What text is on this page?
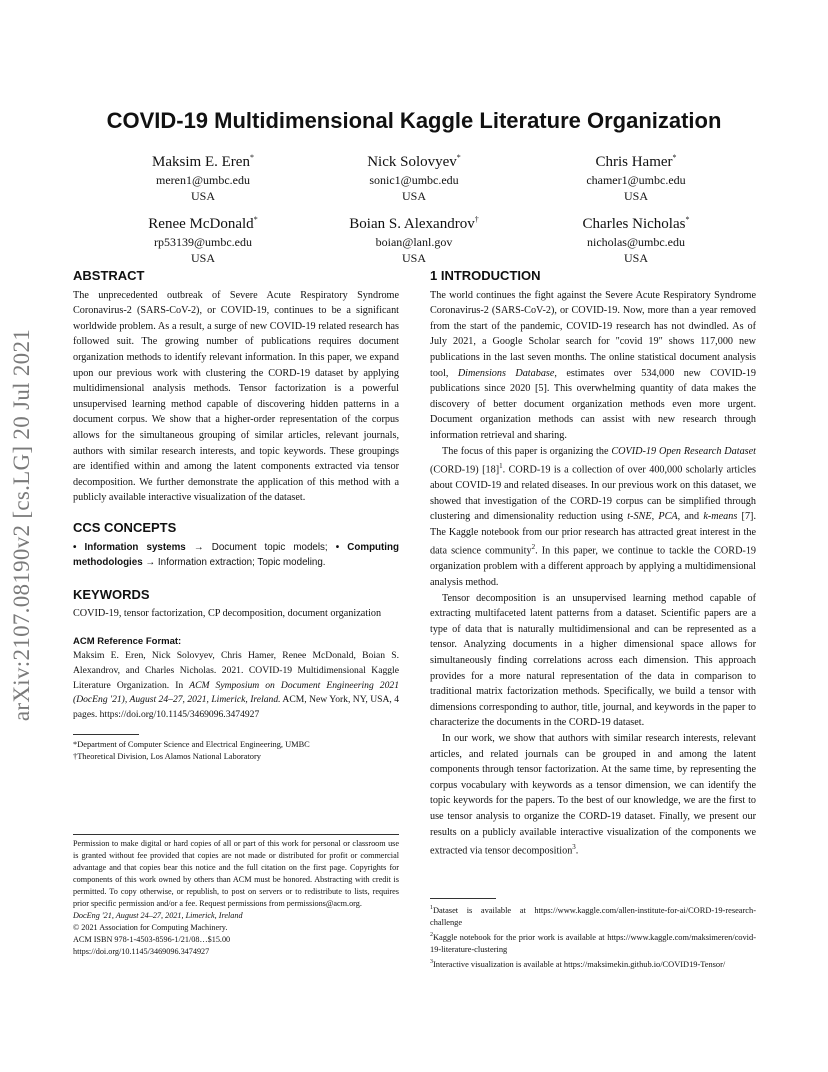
arXiv:2107.08190v2 [cs.LG] 20 Jul 2021
COVID-19 Multidimensional Kaggle Literature Organization
Maksim E. Eren*
meren1@umbc.edu
USA
Nick Solovyev*
sonic1@umbc.edu
USA
Chris Hamer*
chamer1@umbc.edu
USA
Renee McDonald*
rp53139@umbc.edu
USA
Boian S. Alexandrov†
boian@lanl.gov
USA
Charles Nicholas*
nicholas@umbc.edu
USA
ABSTRACT

The unprecedented outbreak of Severe Acute Respiratory Syndrome Coronavirus-2 (SARS-CoV-2), or COVID-19, continues to be a significant worldwide problem. As a result, a surge of new COVID-19 related research has followed suit. The growing number of publications requires document organization methods to identify relevant information. In this paper, we expand upon our previous work with clustering the CORD-19 dataset by applying multidimensional analysis methods. Tensor factorization is a powerful unsupervised learning method capable of discovering hidden patterns in a document corpus. We show that a higher-order representation of the corpus allows for the simultaneous grouping of similar articles, relevant journals, authors with similar research interests, and topic keywords. These groupings are identified within and among the latent components extracted via tensor decomposition. We further demonstrate the application of this method with a publicly available interactive visualization of the dataset.

CCS CONCEPTS

• Information systems → Document topic models; • Computing methodologies → Information extraction; Topic modeling.

KEYWORDS

COVID-19, tensor factorization, CP decomposition, document organization

ACM Reference Format:

Maksim E. Eren, Nick Solovyev, Chris Hamer, Renee McDonald, Boian S. Alexandrov, and Charles Nicholas. 2021. COVID-19 Multidimensional Kaggle Literature Organization. In ACM Symposium on Document Engineering 2021 (DocEng '21), August 24–27, 2021, Limerick, Ireland. ACM, New York, NY, USA, 4 pages. https://doi.org/10.1145/3469096.3474927

*Department of Computer Science and Electrical Engineering, UMBC
†Theoretical Division, Los Alamos National Laboratory

Permission to make digital or hard copies of all or part of this work for personal or classroom use is granted without fee provided that copies are not made or distributed for profit or commercial advantage and that copies bear this notice and the full citation on the first page. Copyrights for components of this work owned by others than ACM must be honored. Abstracting with credit is permitted. To copy otherwise, or republish, to post on servers or to redistribute to lists, requires prior specific permission and/or a fee. Request permissions from permissions@acm.org.

DocEng '21, August 24–27, 2021, Limerick, Ireland
© 2021 Association for Computing Machinery.
ACM ISBN 978-1-4503-8596-1/21/08…$15.00
https://doi.org/10.1145/3469096.3474927
1 INTRODUCTION

The world continues the fight against the Severe Acute Respiratory Syndrome Coronavirus-2 (SARS-CoV-2), or COVID-19. Now, more than a year removed from the start of the pandemic, COVID-19 research has not dwindled. As of July 2021, a Google Scholar search for "covid 19" shows 117,000 new publications in the last seven months. The online statistical document analysis tool, Dimensions Database, estimates over 534,000 new COVID-19 publications since 2020 [5]. This overwhelming quantity of data makes the discovery of better document organization methods even more urgent. Document organization methods can assist with new research through information retrieval and sharing.

The focus of this paper is organizing the COVID-19 Open Research Dataset (CORD-19) $[18]^1$. CORD-19 is a collection of over 400,000 scholarly articles about COVID-19 and related diseases. In our previous work on this dataset, we showed that investigation of the CORD-19 corpus can be simplified through clustering and dimensionality reduction using t-SNE, PCA, and k-means [7]. The Kaggle notebook from our prior research has attracted great interest in the data science community$^2$. In this paper, we continue to tackle the CORD-19 organization problem with a different approach by applying a multidimensional analysis method.

Tensor decomposition is an unsupervised learning method capable of extracting multifaceted latent patterns from a dataset. Scientific papers are a type of data that is naturally multidimensional and can be represented as a tensor. Analyzing documents in a higher dimensional space allows for simultaneously finding correlations across each dimension. This approach provides for a more natural representation of the data in comparison to traditional matrix factorization methods. Specifically, we build a tensor with dimensions corresponding to author, title, journal, and keywords in the paper to characterize the documents in the CORD-19 dataset.

In our work, we show that authors with similar research interests, relevant articles, and related journals can be grouped in and among the latent components through tensor factorization. At the same time, by representing the corpus vocabulary with keywords as a tensor dimension, we can identify the topic keywords for the papers. To the best of our knowledge, we are the first to use tensor analysis to organize the CORD-19 dataset. Finally, we present our results on a publicly available interactive visualization of the components we extracted via tensor decomposition$^3$.

$^1$Dataset is available at https://www.kaggle.com/allen-institute-for-ai/CORD-19-research-challenge
$^2$Kaggle notebook for the prior work is available at https://www.kaggle.com/maksimeren/covid-19-literature-clustering
$^3$Interactive visualization is available at https://maksimekin.github.io/COVID19-Tensor/
